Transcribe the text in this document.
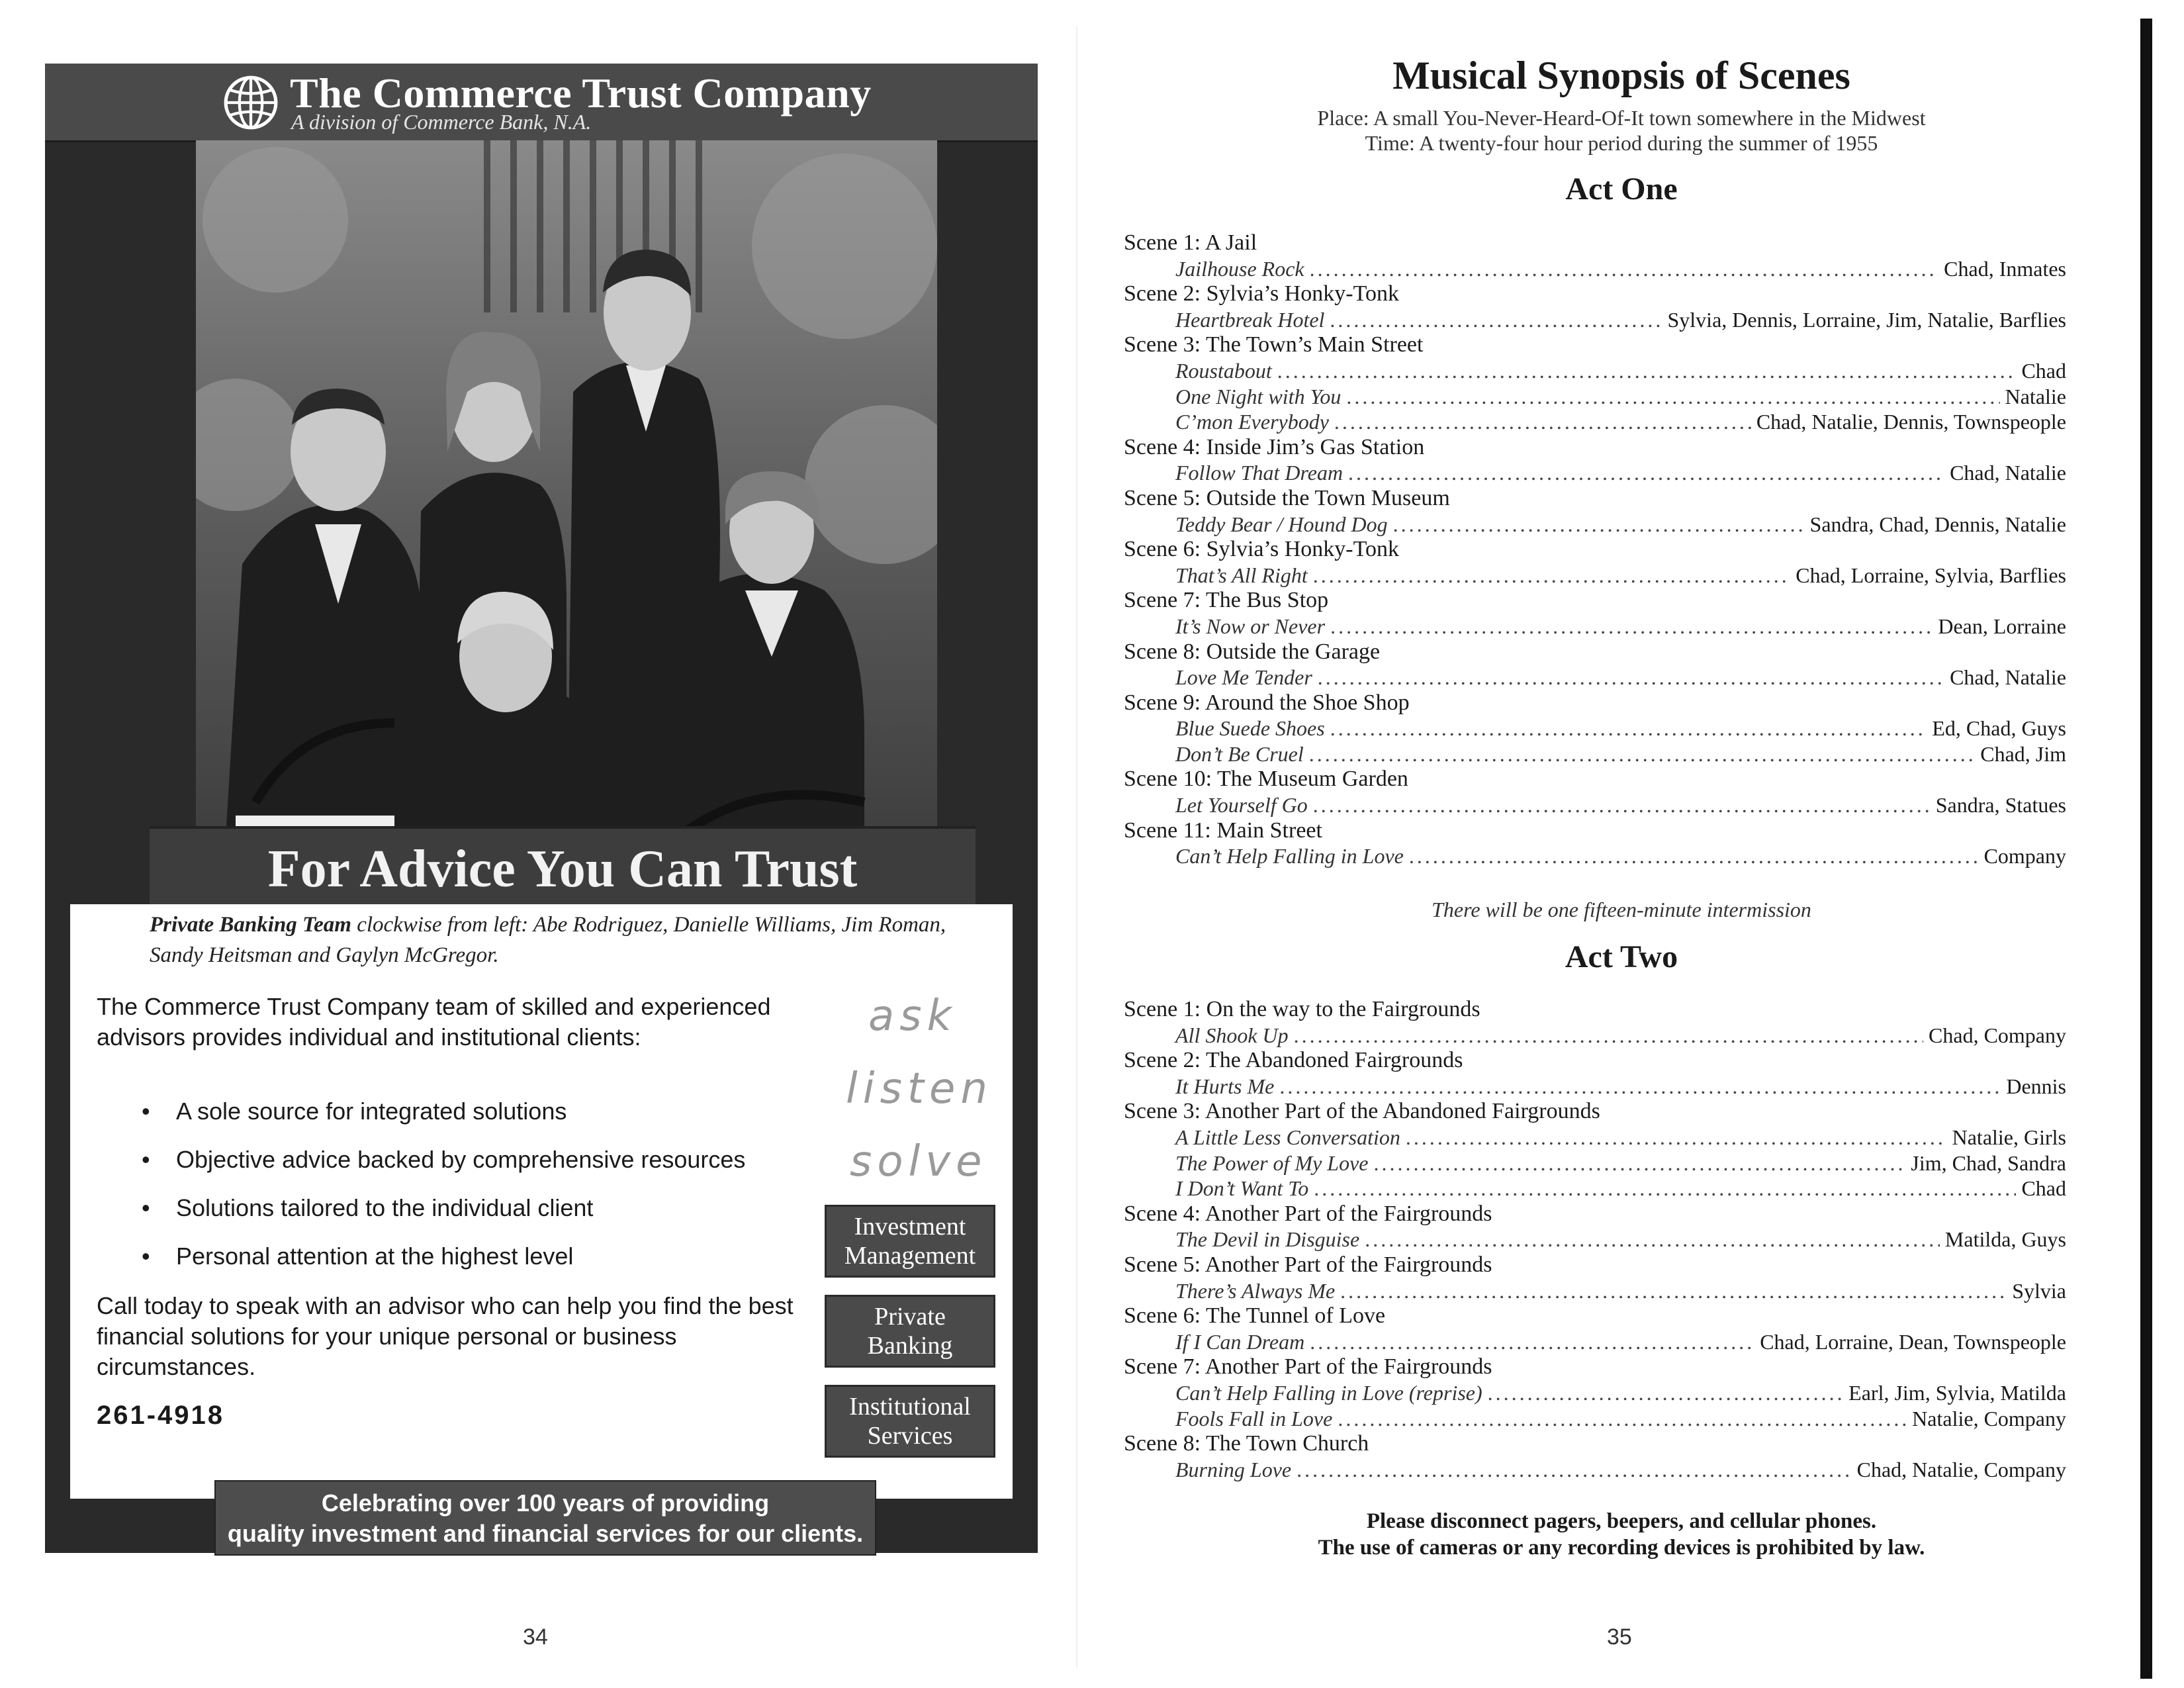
The Commerce Trust Company
A division of Commerce Bank, N.A.
For Advice You Can Trust
Private Banking Team clockwise from left: Abe Rodriguez, Danielle Williams, Jim Roman, Sandy Heitsman and Gaylyn McGregor.
The Commerce Trust Company team of skilled and experienced advisors provides individual and institutional clients:
• A sole source for integrated solutions
• Objective advice backed by comprehensive resources
• Solutions tailored to the individual client
• Personal attention at the highest level
Call today to speak with an advisor who can help you find the best financial solutions for your unique personal or business circumstances.
261-4918
ask
listen
solve
Investment
Management
Private
Banking
Institutional
Services
Celebrating over 100 years of providing
quality investment and financial services for our clients.
34
Musical Synopsis of Scenes
Place: A small You-Never-Heard-Of-It town somewhere in the Midwest
Time: A twenty-four hour period during the summer of 1955
Act One
Scene 1: A Jail
Jailhouse Rock . . .	Chad, Inmates
Scene 2: Sylvia’s Honky-Tonk
Heartbreak Hotel . . .	Sylvia, Dennis, Lorraine, Jim, Natalie, Barflies
Scene 3: The Town’s Main Street
Roustabout . . .	Chad
One Night with You . . .	Natalie
C’mon Everybody . . .	Chad, Natalie, Dennis, Townspeople
Scene 4: Inside Jim’s Gas Station
Follow That Dream . . .	Chad, Natalie
Scene 5: Outside the Town Museum
Teddy Bear / Hound Dog . . .	Sandra, Chad, Dennis, Natalie
Scene 6: Sylvia’s Honky-Tonk
That’s All Right . . .	Chad, Lorraine, Sylvia, Barflies
Scene 7: The Bus Stop
It’s Now or Never . . .	Dean, Lorraine
Scene 8: Outside the Garage
Love Me Tender . . .	Chad, Natalie
Scene 9: Around the Shoe Shop
Blue Suede Shoes . . .	Ed, Chad, Guys
Don’t Be Cruel . . .	Chad, Jim
Scene 10: The Museum Garden
Let Yourself Go . . .	Sandra, Statues
Scene 11: Main Street
Can’t Help Falling in Love . . .	Company
There will be one fifteen-minute intermission
Act Two
Scene 1: On the way to the Fairgrounds
All Shook Up . . .	Chad, Company
Scene 2: The Abandoned Fairgrounds
It Hurts Me . . .	Dennis
Scene 3: Another Part of the Abandoned Fairgrounds
A Little Less Conversation . . .	Natalie, Girls
The Power of My Love . . .	Jim, Chad, Sandra
I Don’t Want To . . .	Chad
Scene 4: Another Part of the Fairgrounds
The Devil in Disguise . . .	Matilda, Guys
Scene 5: Another Part of the Fairgrounds
There’s Always Me . . .	Sylvia
Scene 6: The Tunnel of Love
If I Can Dream . . .	Chad, Lorraine, Dean, Townspeople
Scene 7: Another Part of the Fairgrounds
Can’t Help Falling in Love (reprise) . . .	Earl, Jim, Sylvia, Matilda
Fools Fall in Love . . .	Natalie, Company
Scene 8: The Town Church
Burning Love . . .	Chad, Natalie, Company
Please disconnect pagers, beepers, and cellular phones.
The use of cameras or any recording devices is prohibited by law.
35
